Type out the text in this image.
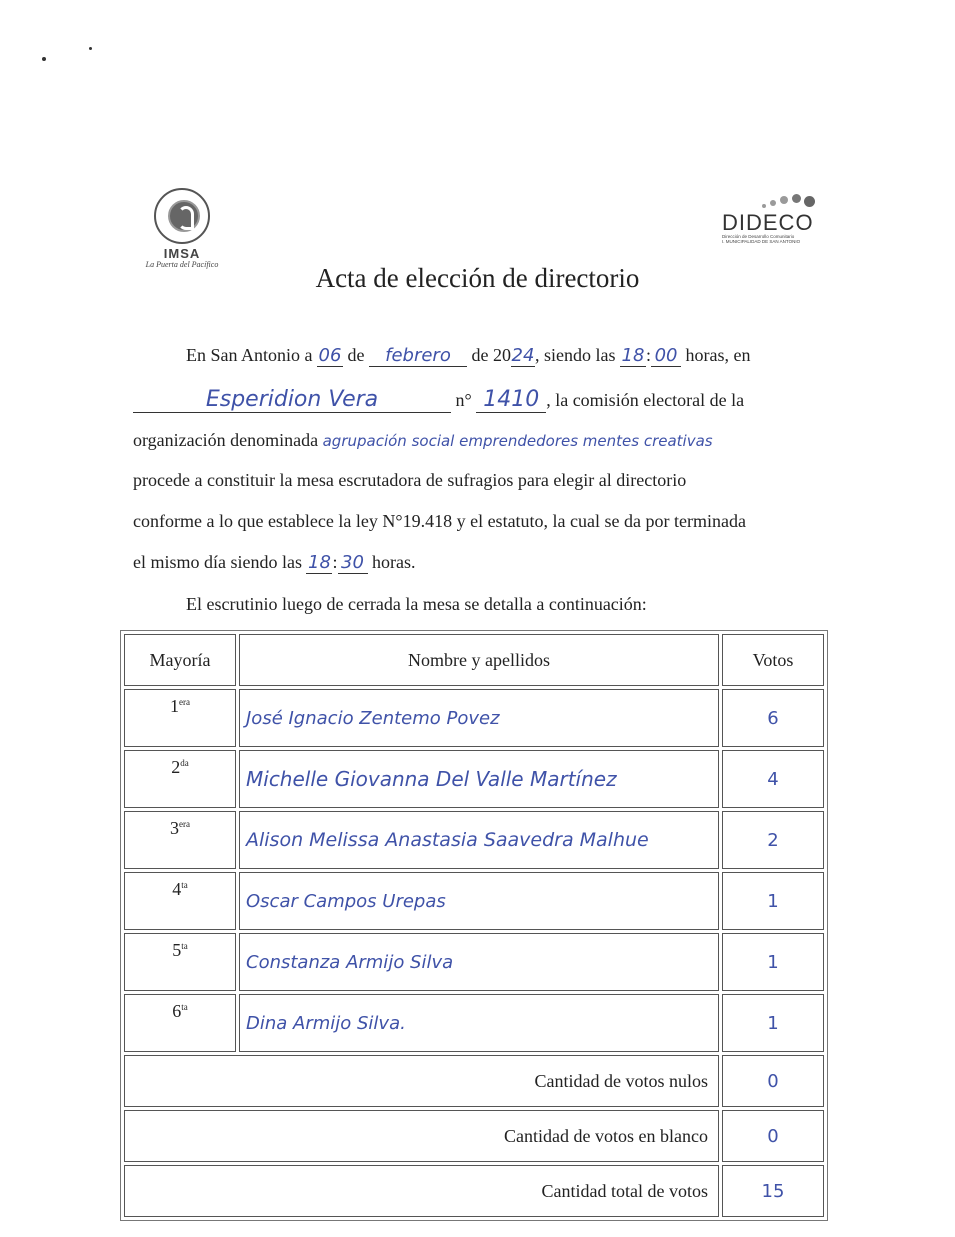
IMSA
La Puerta del Pacífico
DIDECO
Dirección de Desarrollo Comunitario
I. MUNICIPALIDAD DE SAN ANTONIO
Acta de elección de directorio
En San Antonio a 06 de febrero de 2024, siendo las 18: 00 horas, en
Esperidion Vera	n° 1410 , la comisión electoral de la
organización denominada agrupación social emprendedores mentes creativas
procede a constituir la mesa escrutadora de sufragios para elegir al directorio
conforme a lo que establece la ley N°19.418 y el estatuto, la cual se da por terminada
el mismo día siendo las 18: 30 horas.
El escrutinio luego de cerrada la mesa se detalla a continuación:
Mayoría	Nombre y apellidos	Votos
$1^{era}$	José Ignacio Zentemo Povez	6
$2^{da}$	Michelle Giovanna Del Valle Martínez	4
$3^{era}$	Alison Melissa Anastasia Saavedra Malhue	2
$4^{ta}$	Oscar Campos Urepas	1
$5^{ta}$	Constanza Armijo Silva	1
$6^{ta}$	Dina Armijo Silva.	1
Cantidad de votos nulos		0
Cantidad de votos en blanco		0
Cantidad total de votos		15
